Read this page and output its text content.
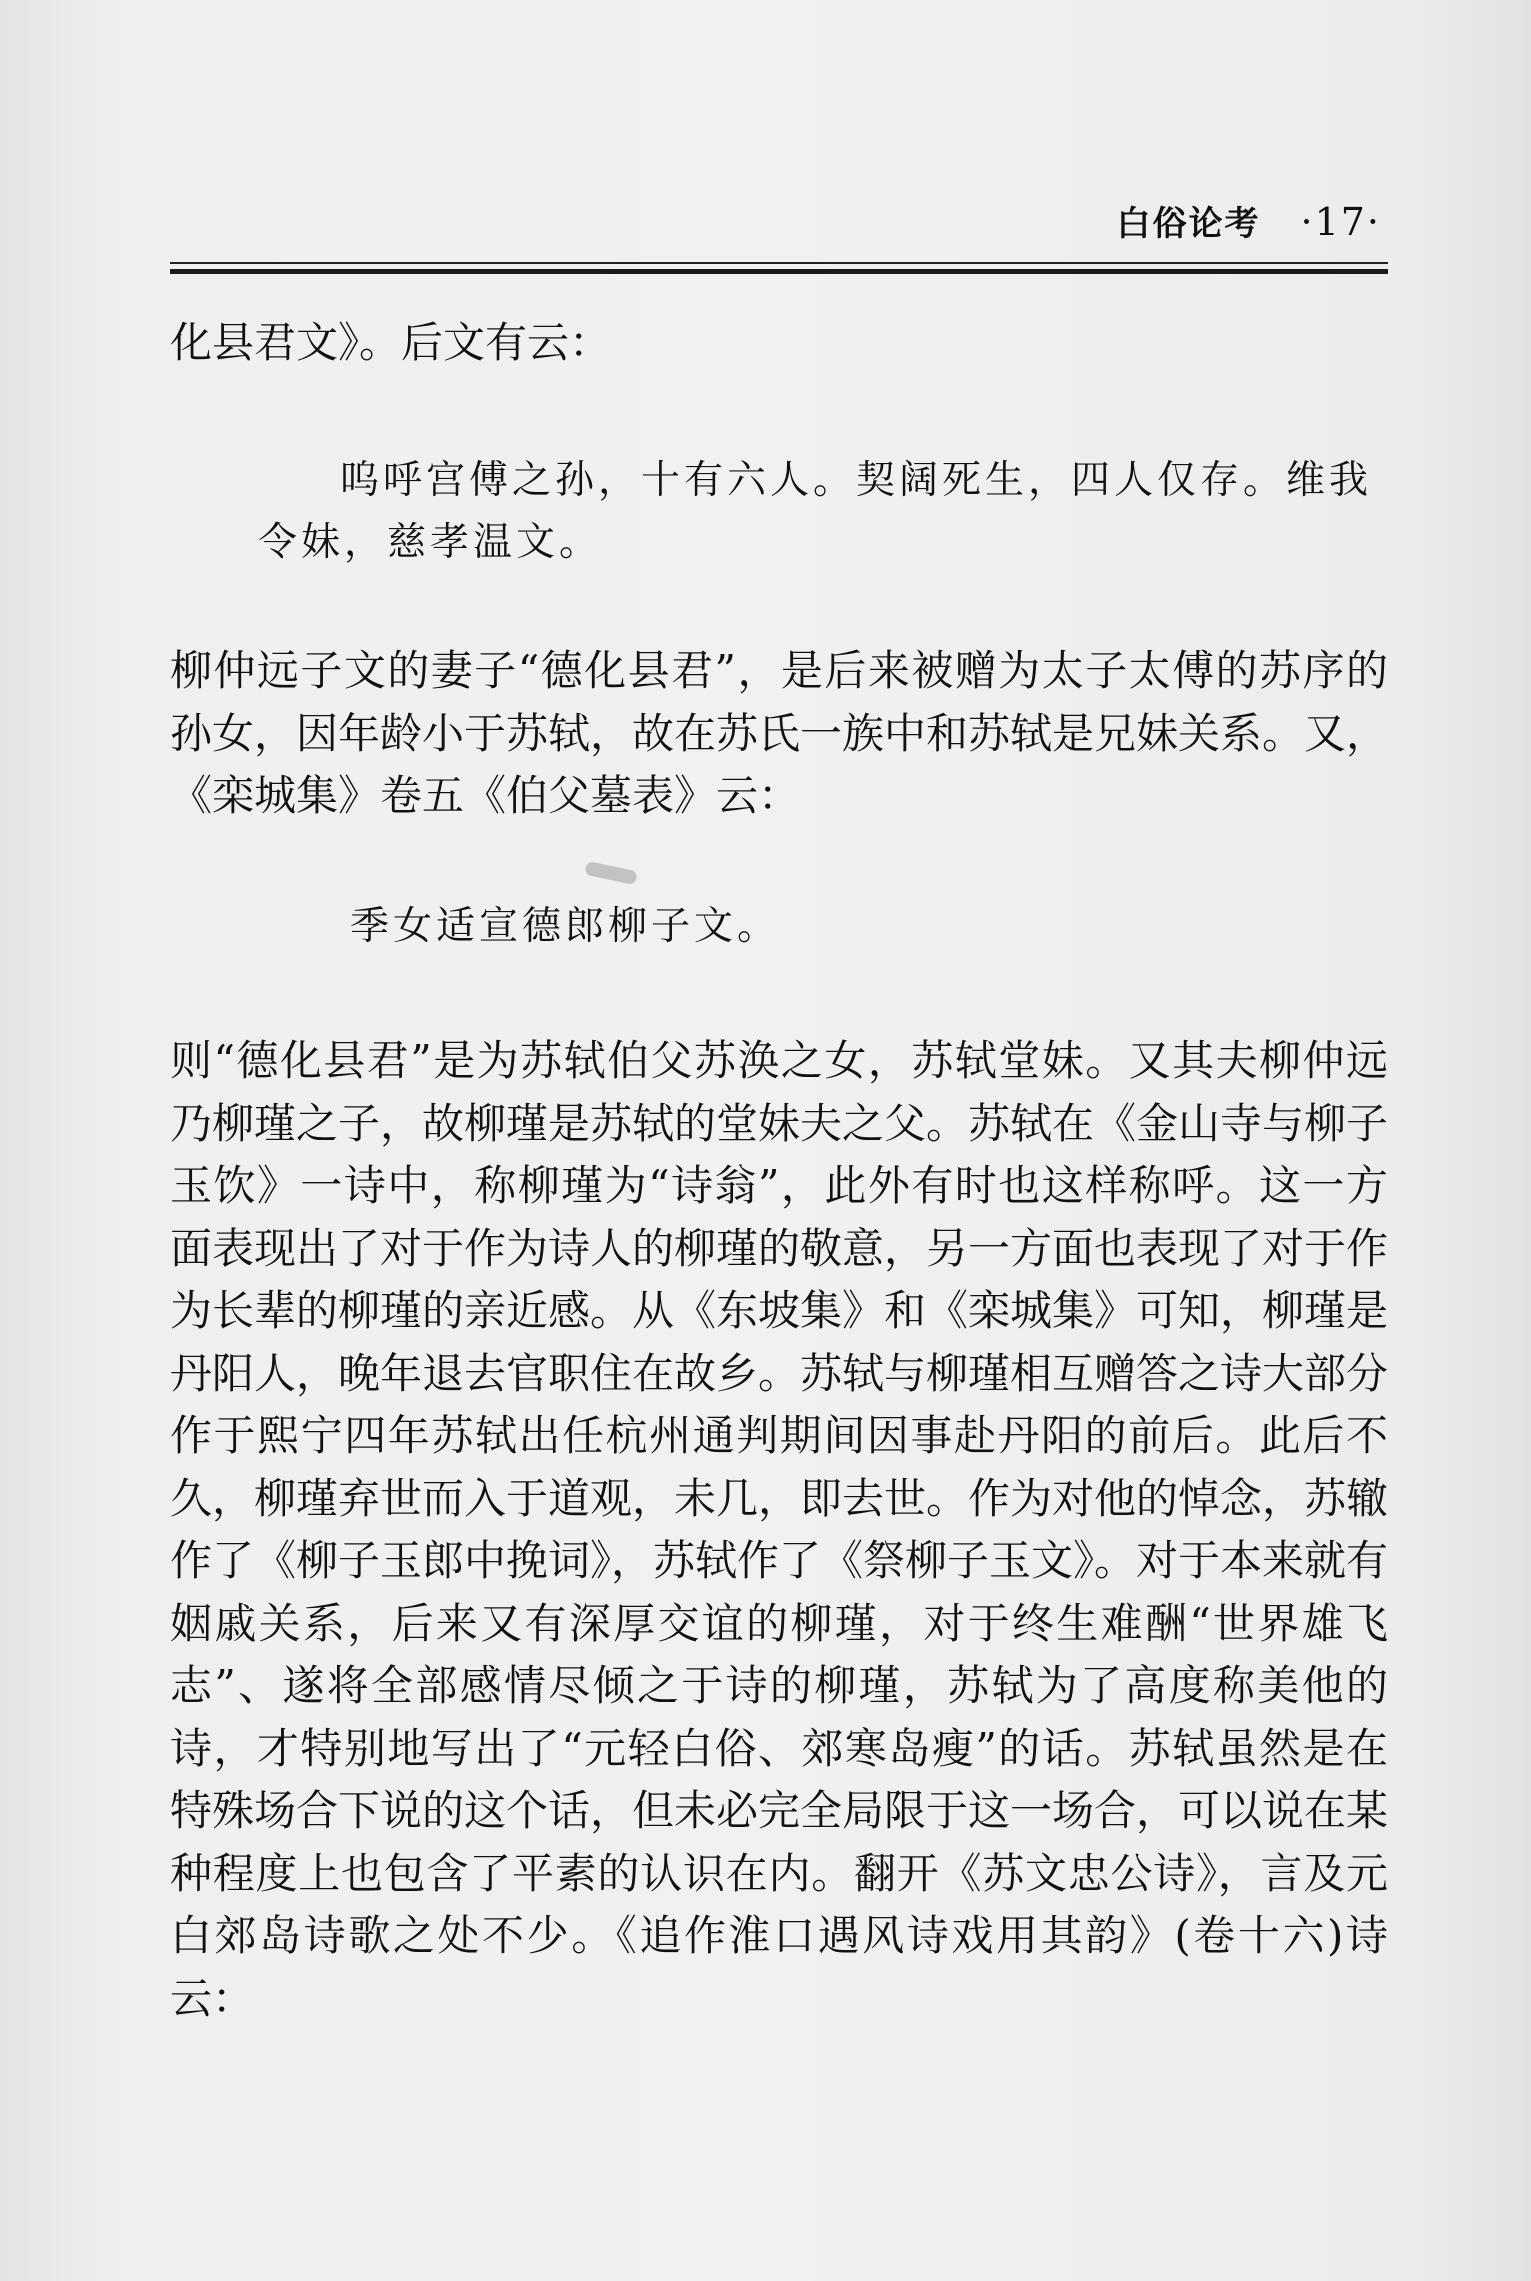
白俗论考 ·17·
化县君文》。后文有云：
呜呼宫傅之孙，十有六人。契阔死生，四人仅存。维我
令妹，慈孝温文。
柳仲远子文的妻子“德化县君”，是后来被赠为太子太傅的苏序的孙女，因年龄小于苏轼，故在苏氏一族中和苏轼是兄妹关系。又，《栾城集》卷五《伯父墓表》云：
季女适宣德郎柳子文。
则“德化县君”是为苏轼伯父苏涣之女，苏轼堂妹。又其夫柳仲远乃柳瑾之子，故柳瑾是苏轼的堂妹夫之父。苏轼在《金山寺与柳子玉饮》一诗中，称柳瑾为“诗翁”，此外有时也这样称呼。这一方面表现出了对于作为诗人的柳瑾的敬意，另一方面也表现了对于作为长辈的柳瑾的亲近感。从《东坡集》和《栾城集》可知，柳瑾是丹阳人，晚年退去官职住在故乡。苏轼与柳瑾相互赠答之诗大部分作于熙宁四年苏轼出任杭州通判期间因事赴丹阳的前后。此后不久，柳瑾弃世而入于道观，未几，即去世。作为对他的悼念，苏辙作了《柳子玉郎中挽词》，苏轼作了《祭柳子玉文》。对于本来就有姻戚关系，后来又有深厚交谊的柳瑾，对于终生难酬“世界雄飞志”、遂将全部感情尽倾之于诗的柳瑾，苏轼为了高度称美他的诗，才特别地写出了“元轻白俗、郊寒岛瘦”的话。苏轼虽然是在特殊场合下说的这个话，但未必完全局限于这一场合，可以说在某种程度上也包含了平素的认识在内。翻开《苏文忠公诗》，言及元白郊岛诗歌之处不少。《追作淮口遇风诗戏用其韵》(卷十六)诗云：
